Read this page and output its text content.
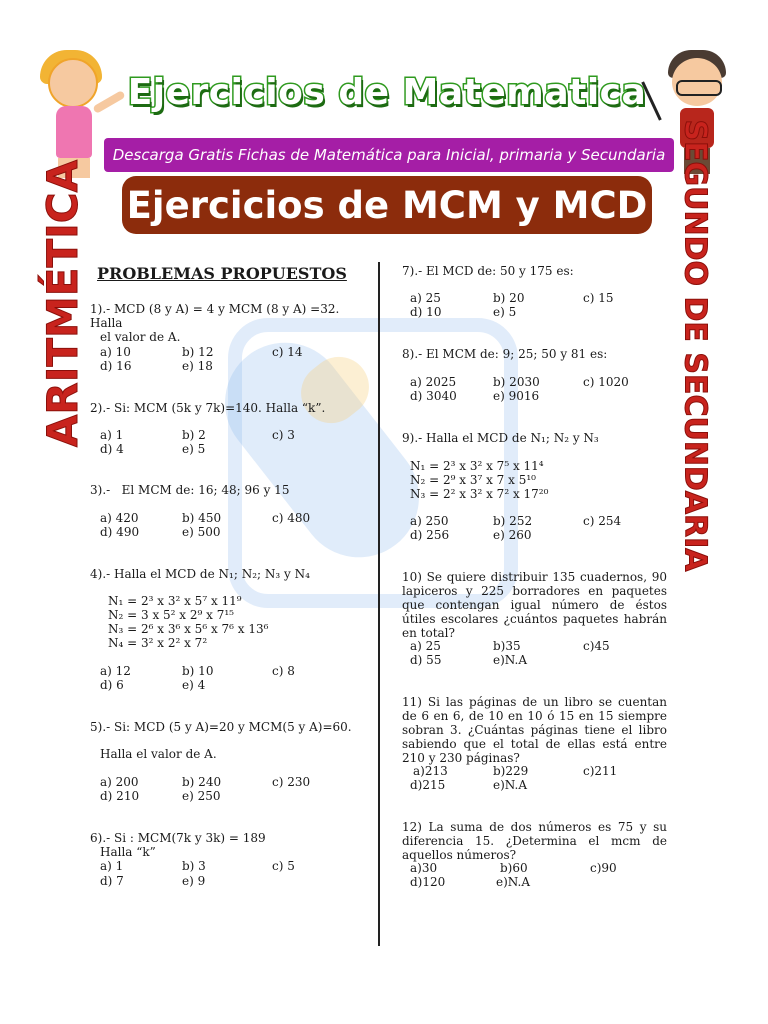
Ejercicios de Matematica
Descarga Gratis Fichas de Matemática para Inicial, primaria y Secundaria
Ejercicios de MCM y MCD
ARITMÉTICA	SEGUNDO DE SECUNDARIA
PROBLEMAS PROPUESTOS
1).- MCD (8 y A) = 4 y MCM (8 y A) =32. Halla
el valor de A.
a) 10	b) 12	c) 14
d) 16	e) 18
2).- Si: MCM (5k y 7k)=140. Halla “k”.
a) 1	b) 2	c) 3
d) 4	e) 5
3).-   El MCM de: 16; 48; 96 y 15
a) 420	b) 450	c) 480
d) 490	e) 500
4).- Halla el MCD de N₁; N₂; N₃ y N₄
N₁ = 2³ x 3² x 5⁷ x 11⁹
N₂ = 3 x 5² x 2⁹ x 7¹⁵
N₃ = 2⁶ x 3⁶ x 5⁶ x 7⁶ x 13⁶
N₄ = 3² x 2² x 7²
a) 12	b) 10	c) 8
d) 6	e) 4
5).- Si: MCD (5 y A)=20 y MCM(5 y A)=60.
Halla el valor de A.
a) 200	b) 240	c) 230
d) 210	e) 250
6).- Si : MCM(7k y 3k) = 189
Halla “k”
a) 1	b) 3	c) 5
d) 7	e) 9
7).- El MCD de: 50 y 175 es:
a) 25	b) 20	c) 15
d) 10	e) 5
8).- El MCM de: 9; 25; 50 y 81 es:
a) 2025	b) 2030	c) 1020
d) 3040	e) 9016
9).- Halla el MCD de N₁; N₂ y N₃
N₁ = 2³ x 3² x 7⁵ x 11⁴
N₂ = 2⁹ x 3⁷ x 7 x 5¹⁰
N₃ = 2² x 3² x 7² x 17²⁰
a) 250	b) 252	c) 254
d) 256	e) 260
10) Se quiere distribuir 135 cuadernos, 90 lapiceros y 225 borradores en paquetes que contengan igual número de éstos útiles escolares ¿cuántos paquetes habrán en total?
a) 25	b)35	c)45
d) 55	e)N.A
11) Si las páginas de un libro se cuentan de 6 en 6, de 10 en 10 ó 15 en 15 siempre sobran 3. ¿Cuántas páginas tiene el libro sabiendo que el total de ellas está entre 210 y 230 páginas?
a)213	b)229	c)211
d)215	e)N.A
12) La suma de dos números es 75 y su diferencia 15. ¿Determina el mcm de aquellos números?
a)30	b)60	c)90
d)120	e)N.A
